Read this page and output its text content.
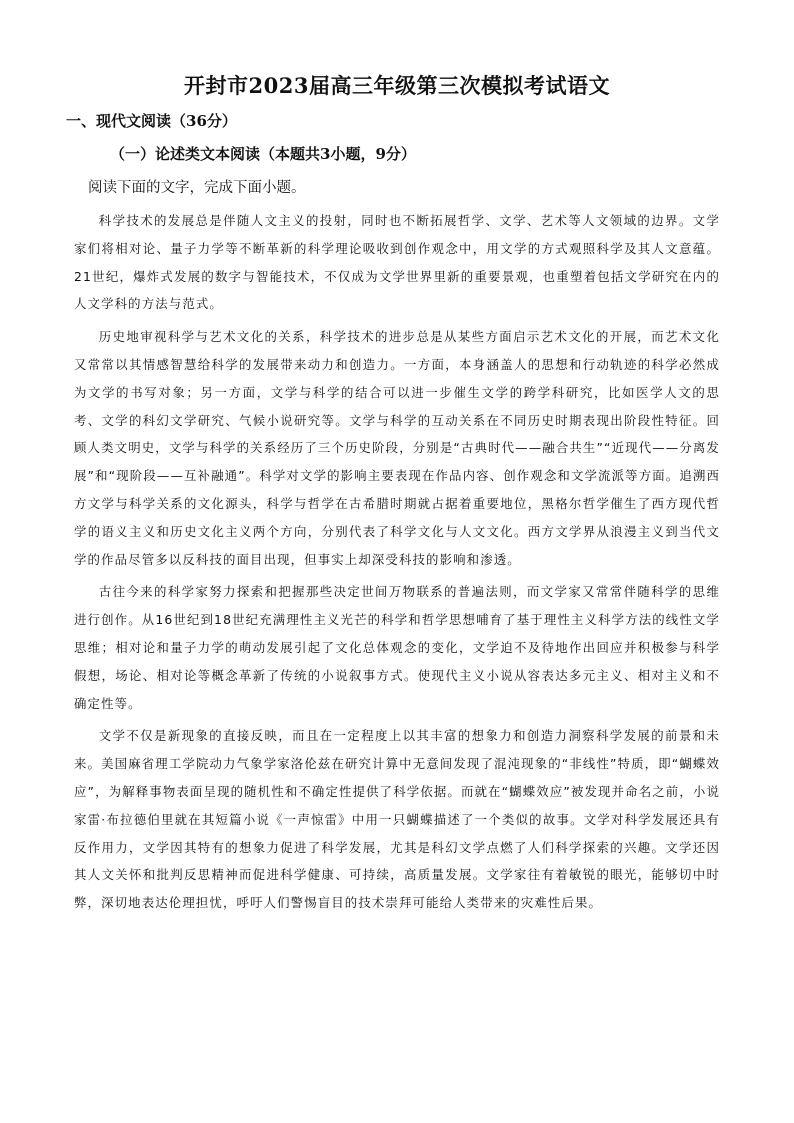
开封市2023届高三年级第三次模拟考试语文
一、现代文阅读（36分）
（一）论述类文本阅读（本题共3小题，9分）
阅读下面的文字，完成下面小题。

科学技术的发展总是伴随人文主义的投射，同时也不断拓展哲学、文学、艺术等人文领域的边界。文学家们将相对论、量子力学等不断革新的科学理论吸收到创作观念中，用文学的方式观照科学及其人文意蕴。21世纪，爆炸式发展的数字与智能技术，不仅成为文学世界里新的重要景观，也重塑着包括文学研究在内的人文学科的方法与范式。

历史地审视科学与艺术文化的关系，科学技术的进步总是从某些方面启示艺术文化的开展，而艺术文化又常常以其情感智慧给科学的发展带来动力和创造力。一方面，本身涵盖人的思想和行动轨迹的科学必然成为文学的书写对象；另一方面，文学与科学的结合可以进一步催生文学的跨学科研究，比如医学人文的思考、文学的科幻文学研究、气候小说研究等。文学与科学的互动关系在不同历史时期表现出阶段性特征。回顾人类文明史，文学与科学的关系经历了三个历史阶段，分别是“古典时代——融合共生”“近现代——分离发展”和“现阶段——互补融通”。科学对文学的影响主要表现在作品内容、创作观念和文学流派等方面。追溯西方文学与科学关系的文化源头，科学与哲学在古希腊时期就占据着重要地位，黑格尔哲学催生了西方现代哲学的语义主义和历史文化主义两个方向，分别代表了科学文化与人文文化。西方文学界从浪漫主义到当代文学的作品尽管多以反科技的面目出现，但事实上却深受科技的影响和渗透。

古往今来的科学家努力探索和把握那些决定世间万物联系的普遍法则，而文学家又常常伴随科学的思维进行创作。从16世纪到18世纪充满理性主义光芒的科学和哲学思想哺育了基于理性主义科学方法的线性文学思维；相对论和量子力学的萌动发展引起了文化总体观念的变化，文学迫不及待地作出回应并积极参与科学假想，场论、相对论等概念革新了传统的小说叙事方式。使现代主义小说从容表达多元主义、相对主义和不确定性等。

文学不仅是新现象的直接反映，而且在一定程度上以其丰富的想象力和创造力洞察科学发展的前景和未来。美国麻省理工学院动力气象学家洛伦兹在研究计算中无意间发现了混沌现象的“非线性”特质，即“蝴蝶效应”，为解释事物表面呈现的随机性和不确定性提供了科学依据。而就在“蝴蝶效应”被发现并命名之前，小说家雷·布拉德伯里就在其短篇小说《一声惊雷》中用一只蝴蝶描述了一个类似的故事。文学对科学发展还具有反作用力，文学因其特有的想象力促进了科学发展，尤其是科幻文学点燃了人们科学探索的兴趣。文学还因其人文关怀和批判反思精神而促进科学健康、可持续，高质量发展。文学家往有着敏锐的眼光，能够切中时弊，深切地表达伦理担忧，呼吁人们警惕盲目的技术崇拜可能给人类带来的灾难性后果。
